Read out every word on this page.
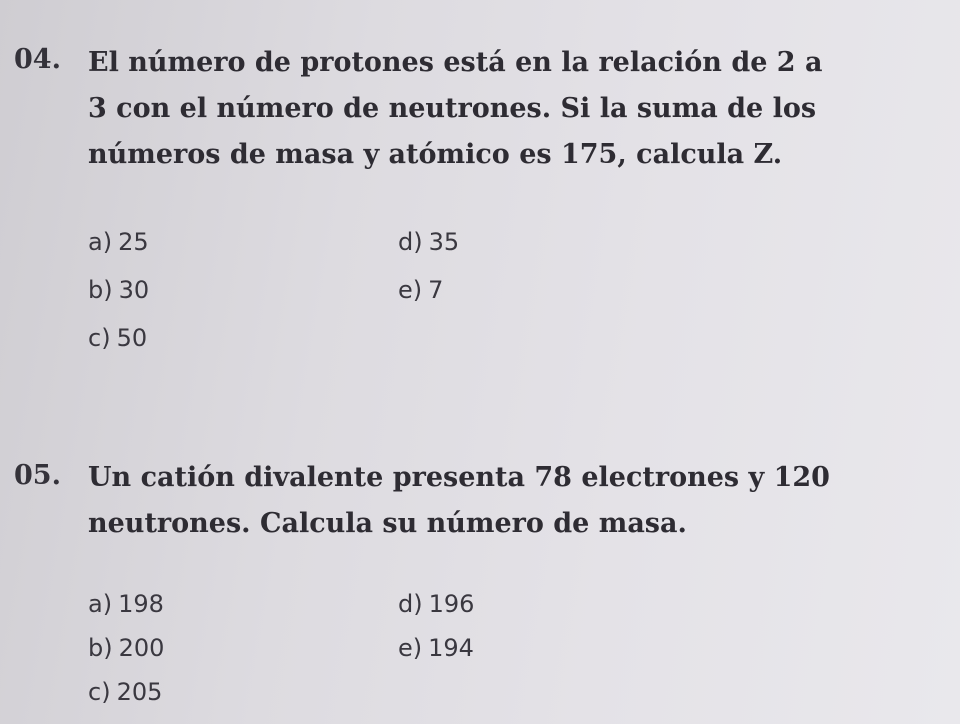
04. El número de protones está en la relación de 2 a
3 con el número de neutrones. Si la suma de los
números de masa y atómico es 175, calcula Z.
a) 25
b) 30
c) 50
d) 35
e) 7
05. Un catión divalente presenta 78 electrones y 120
neutrones. Calcula su número de masa.
a) 198
b) 200
c) 205
d) 196
e) 194
